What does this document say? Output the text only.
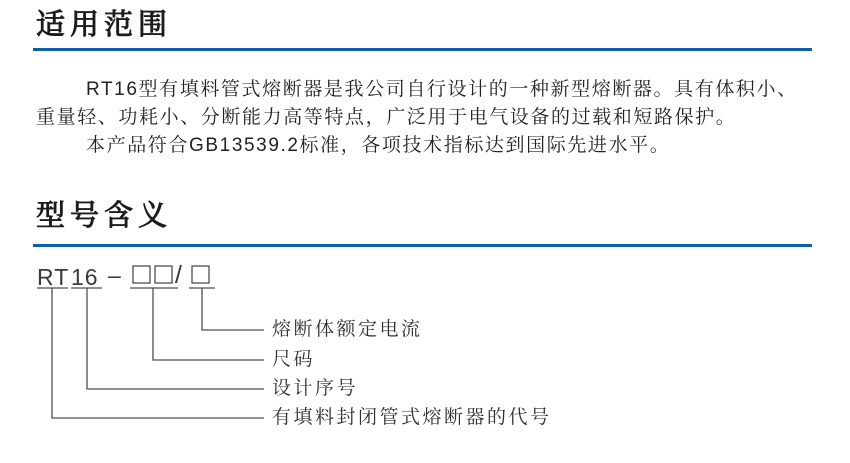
适用范围

RT16型有填料管式熔断器是我公司自行设计的一种新型熔断器。具有体积小、重量轻、功耗小、分断能力高等特点，广泛用于电气设备的过载和短路保护。

本产品符合GB13539.2标准，各项技术指标达到国际先进水平。

型号含义
RT 16 – /
熔断体额定电流
尺码
设计序号
有填料封闭管式熔断器的代号
